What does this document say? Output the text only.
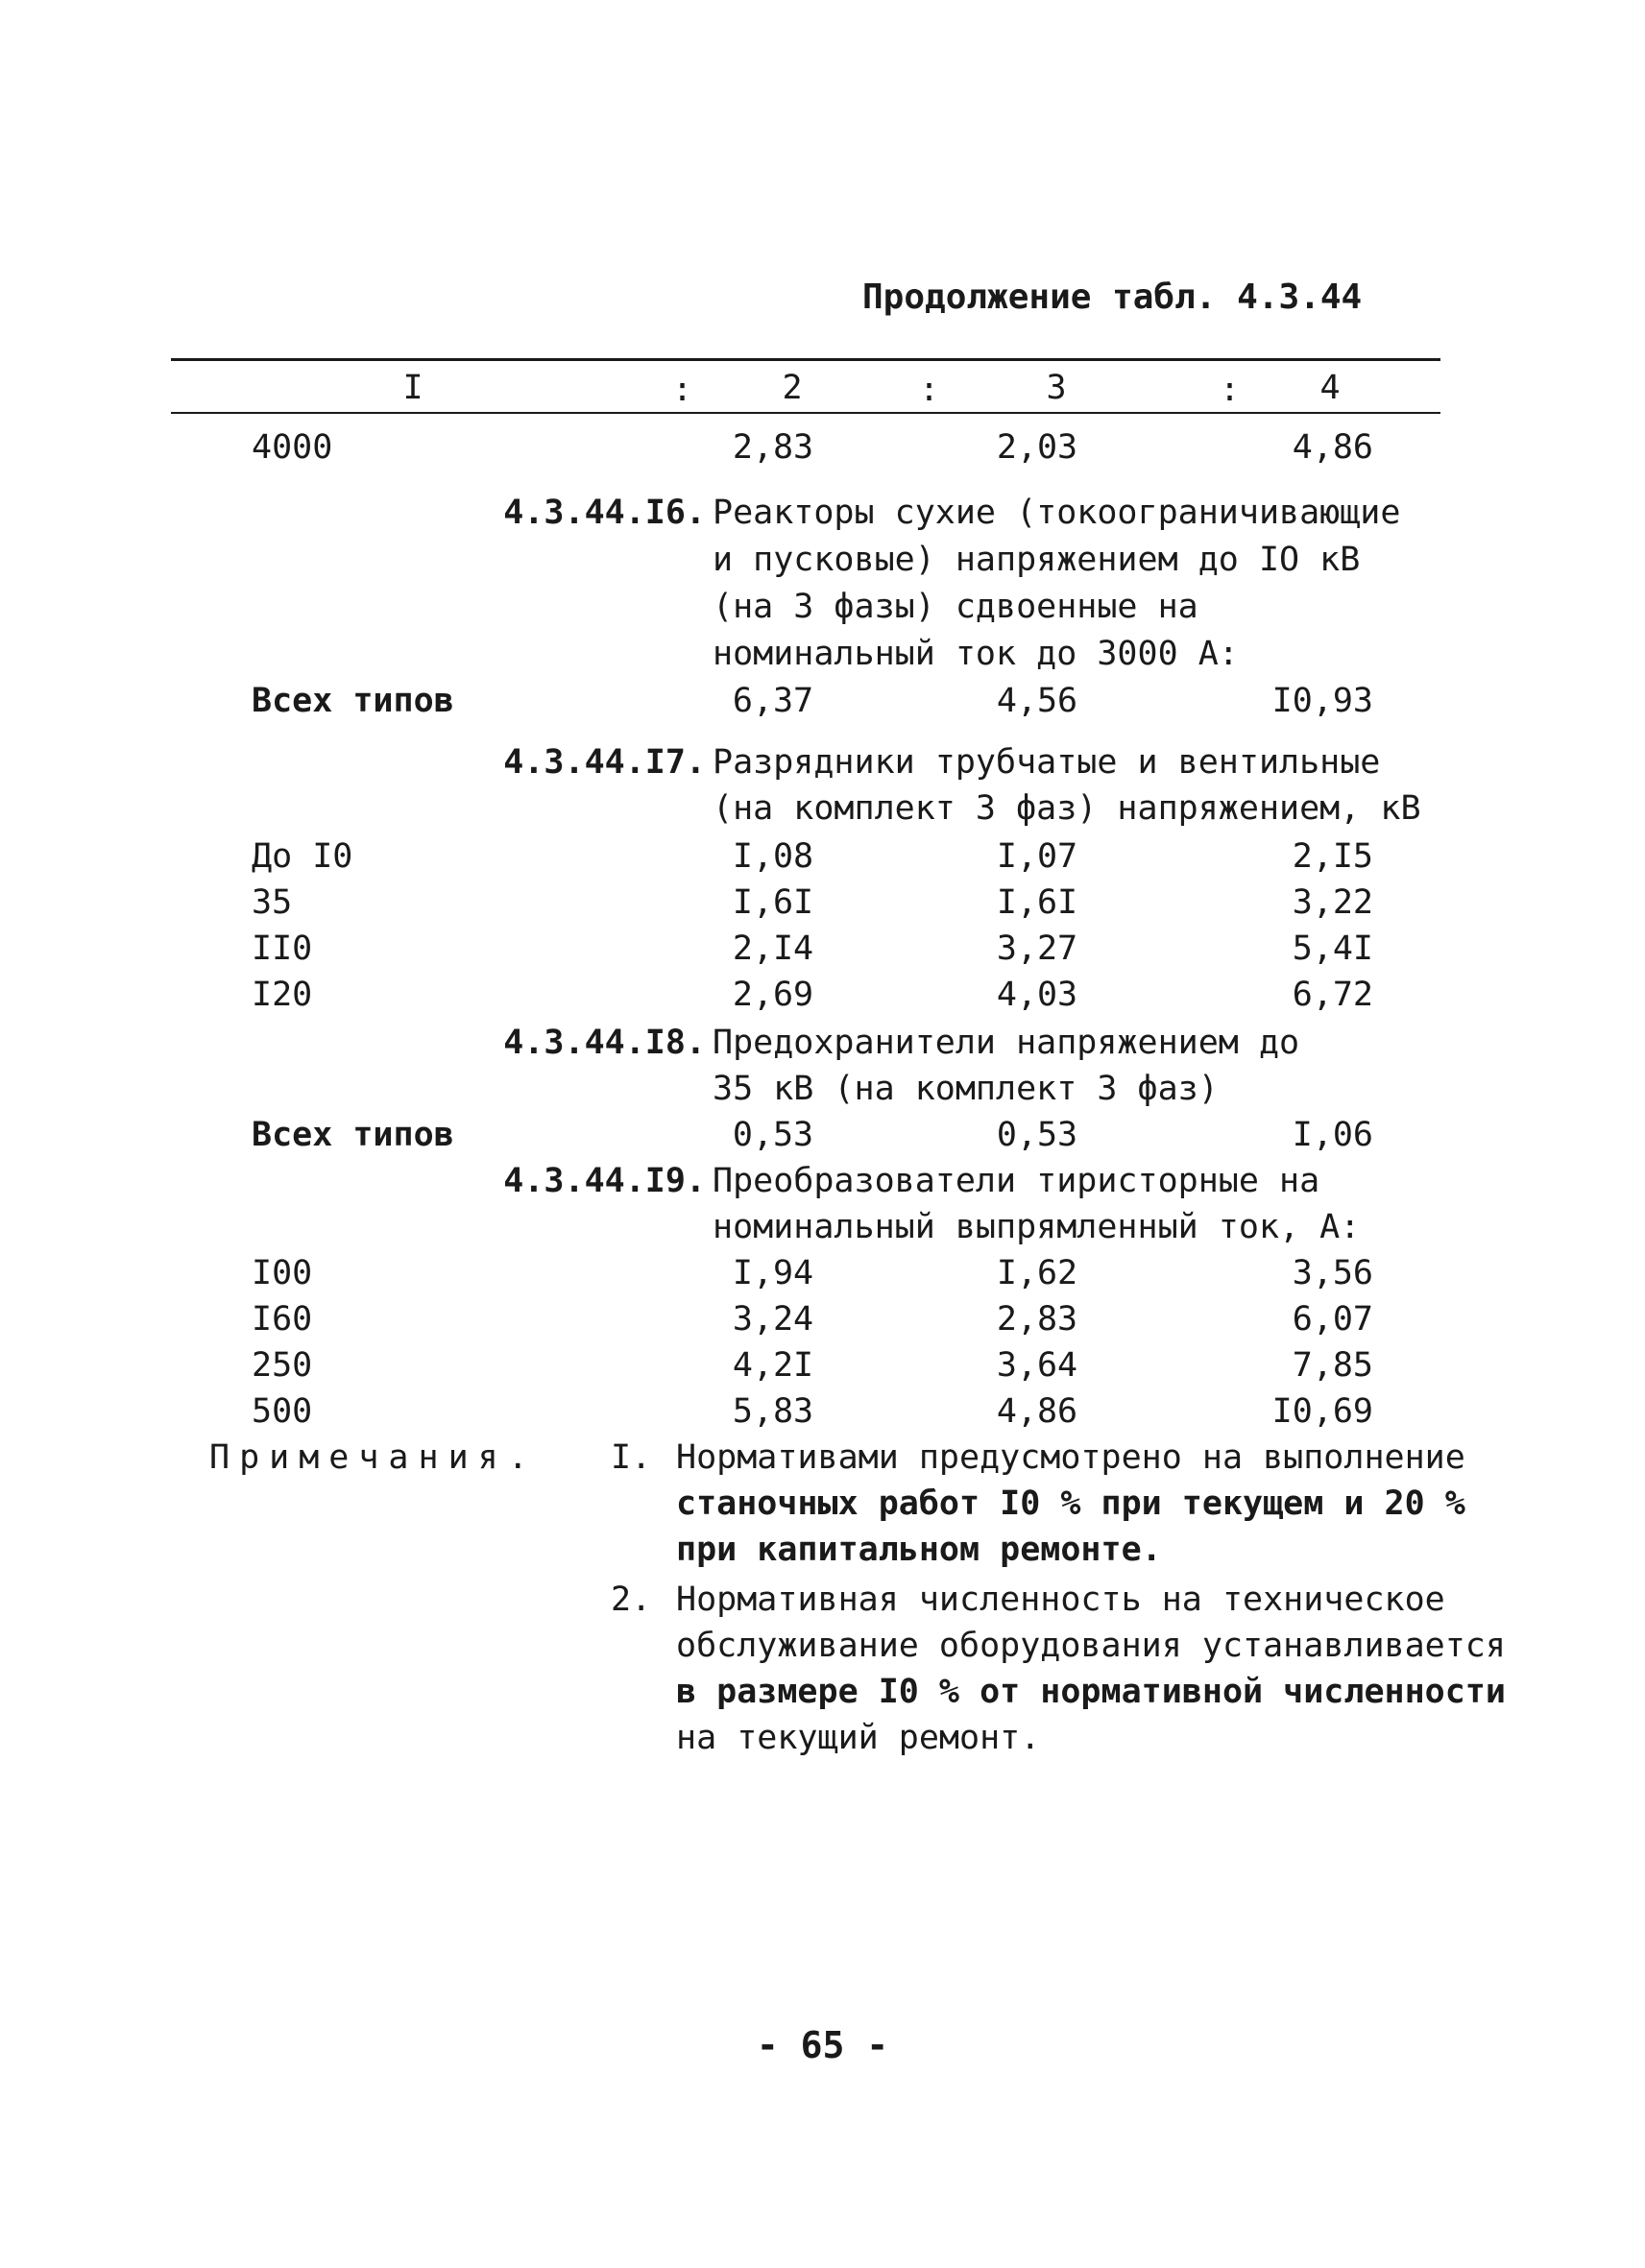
Продолжение табл. 4.3.44
I	:	2	:	3	:	4
4000	2,83	2,03	4,86
4.3.44.I6. Реакторы сухие (токоограничивающие
и пусковые) напряжением до IO кВ
(на 3 фазы) сдвоенные на
номинальный ток до 3000 А:
Всех типов	6,37	4,56	I0,93
4.3.44.I7. Разрядники трубчатые и вентильные
(на комплект 3 фаз) напряжением, кВ
До I0	I,08	I,07	2,I5
35	I,6I	I,6I	3,22
II0	2,I4	3,27	5,4I
I20	2,69	4,03	6,72
4.3.44.I8. Предохранители напряжением до
35 кВ (на комплект 3 фаз)
Всех типов	0,53	0,53	I,06
4.3.44.I9. Преобразователи тиристорные на
номинальный выпрямленный ток, А:
I00	I,94	I,62	3,56
I60	3,24	2,83	6,07
250	4,2I	3,64	7,85
500	5,83	4,86	I0,69
Примечания. I. Нормативами предусмотрено на выполнение
станочных работ I0 % при текущем и 20 %
при капитальном ремонте.
2. Нормативная численность на техническое
обслуживание оборудования устанавливается
в размере I0 % от нормативной численности
на текущий ремонт.
- 65 -
